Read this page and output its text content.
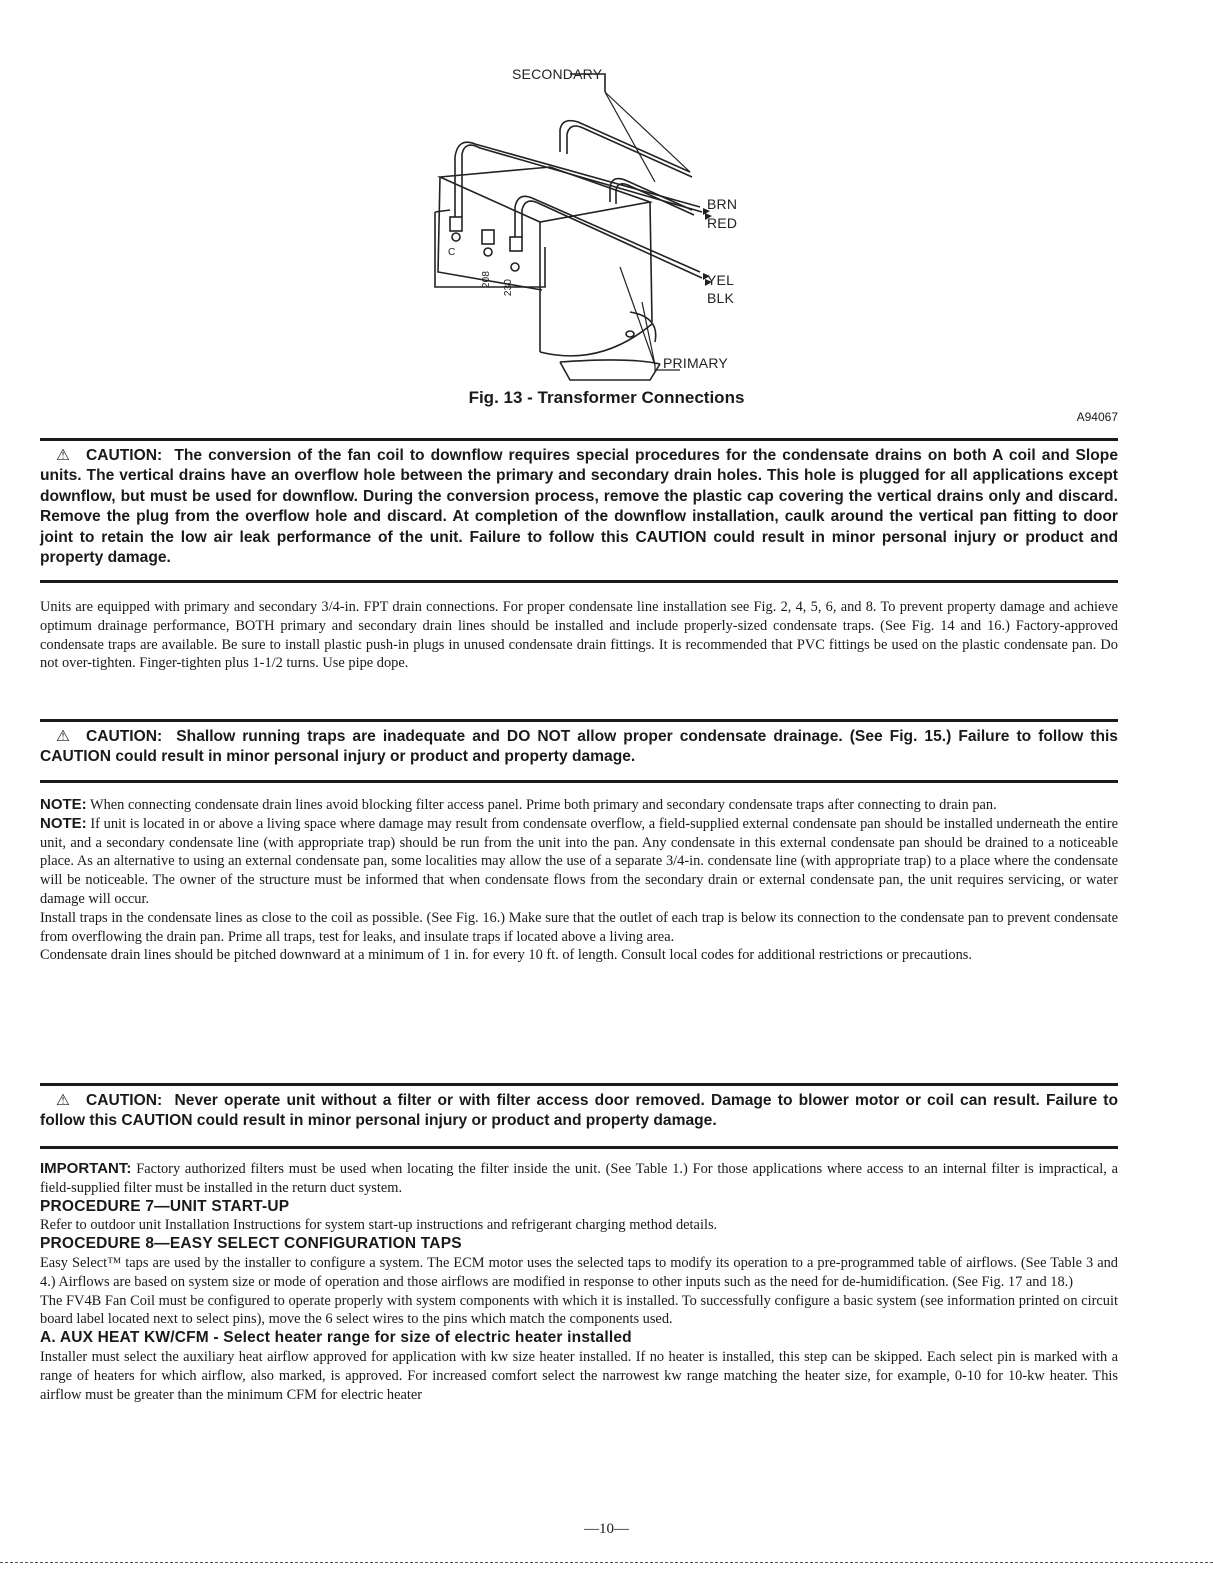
SECONDARY
BRN
RED
YEL
BLK
PRIMARY
C
208 230
Fig. 13 - Transformer Connections
A94067
⚠ CAUTION: The conversion of the fan coil to downflow requires special procedures for the condensate drains on both A coil and Slope units. The vertical drains have an overflow hole between the primary and secondary drain holes. This hole is plugged for all applications except downflow, but must be used for downflow. During the conversion process, remove the plastic cap covering the vertical drains only and discard. Remove the plug from the overflow hole and discard. At completion of the downflow installation, caulk around the vertical pan fitting to door joint to retain the low air leak performance of the unit. Failure to follow this CAUTION could result in minor personal injury or product and property damage.

Units are equipped with primary and secondary 3/4-in. FPT drain connections. For proper condensate line installation see Fig. 2, 4, 5, 6, and 8. To prevent property damage and achieve optimum drainage performance, BOTH primary and secondary drain lines should be installed and include properly-sized condensate traps. (See Fig. 14 and 16.) Factory-approved condensate traps are available. Be sure to install plastic push-in plugs in unused condensate drain fittings. It is recommended that PVC fittings be used on the plastic condensate pan. Do not over-tighten. Finger-tighten plus 1-1/2 turns. Use pipe dope.

⚠ CAUTION: Shallow running traps are inadequate and DO NOT allow proper condensate drainage. (See Fig. 15.) Failure to follow this CAUTION could result in minor personal injury or product and property damage.

NOTE: When connecting condensate drain lines avoid blocking filter access panel. Prime both primary and secondary condensate traps after connecting to drain pan.

NOTE: If unit is located in or above a living space where damage may result from condensate overflow, a field-supplied external condensate pan should be installed underneath the entire unit, and a secondary condensate line (with appropriate trap) should be run from the unit into the pan. Any condensate in this external condensate pan should be drained to a noticeable place. As an alternative to using an external condensate pan, some localities may allow the use of a separate 3/4-in. condensate line (with appropriate trap) to a place where the condensate will be noticeable. The owner of the structure must be informed that when condensate flows from the secondary drain or external condensate pan, the unit requires servicing, or water damage will occur.

Install traps in the condensate lines as close to the coil as possible. (See Fig. 16.) Make sure that the outlet of each trap is below its connection to the condensate pan to prevent condensate from overflowing the drain pan. Prime all traps, test for leaks, and insulate traps if located above a living area.

Condensate drain lines should be pitched downward at a minimum of 1 in. for every 10 ft. of length. Consult local codes for additional restrictions or precautions.

⚠ CAUTION: Never operate unit without a filter or with filter access door removed. Damage to blower motor or coil can result. Failure to follow this CAUTION could result in minor personal injury or product and property damage.

IMPORTANT: Factory authorized filters must be used when locating the filter inside the unit. (See Table 1.) For those applications where access to an internal filter is impractical, a field-supplied filter must be installed in the return duct system.

PROCEDURE 7—UNIT START-UP

Refer to outdoor unit Installation Instructions for system start-up instructions and refrigerant charging method details.

PROCEDURE 8—EASY SELECT CONFIGURATION TAPS

Easy Select™ taps are used by the installer to configure a system. The ECM motor uses the selected taps to modify its operation to a pre-programmed table of airflows. (See Table 3 and 4.) Airflows are based on system size or mode of operation and those airflows are modified in response to other inputs such as the need for de-humidification. (See Fig. 17 and 18.)

The FV4B Fan Coil must be configured to operate properly with system components with which it is installed. To successfully configure a basic system (see information printed on circuit board label located next to select pins), move the 6 select wires to the pins which match the components used.

A. AUX HEAT KW/CFM - Select heater range for size of electric heater installed

Installer must select the auxiliary heat airflow approved for application with kw size heater installed. If no heater is installed, this step can be skipped. Each select pin is marked with a range of heaters for which airflow, also marked, is approved. For increased comfort select the narrowest kw range matching the heater size, for example, 0-10 for 10-kw heater. This airflow must be greater than the minimum CFM for electric heater

—10—
